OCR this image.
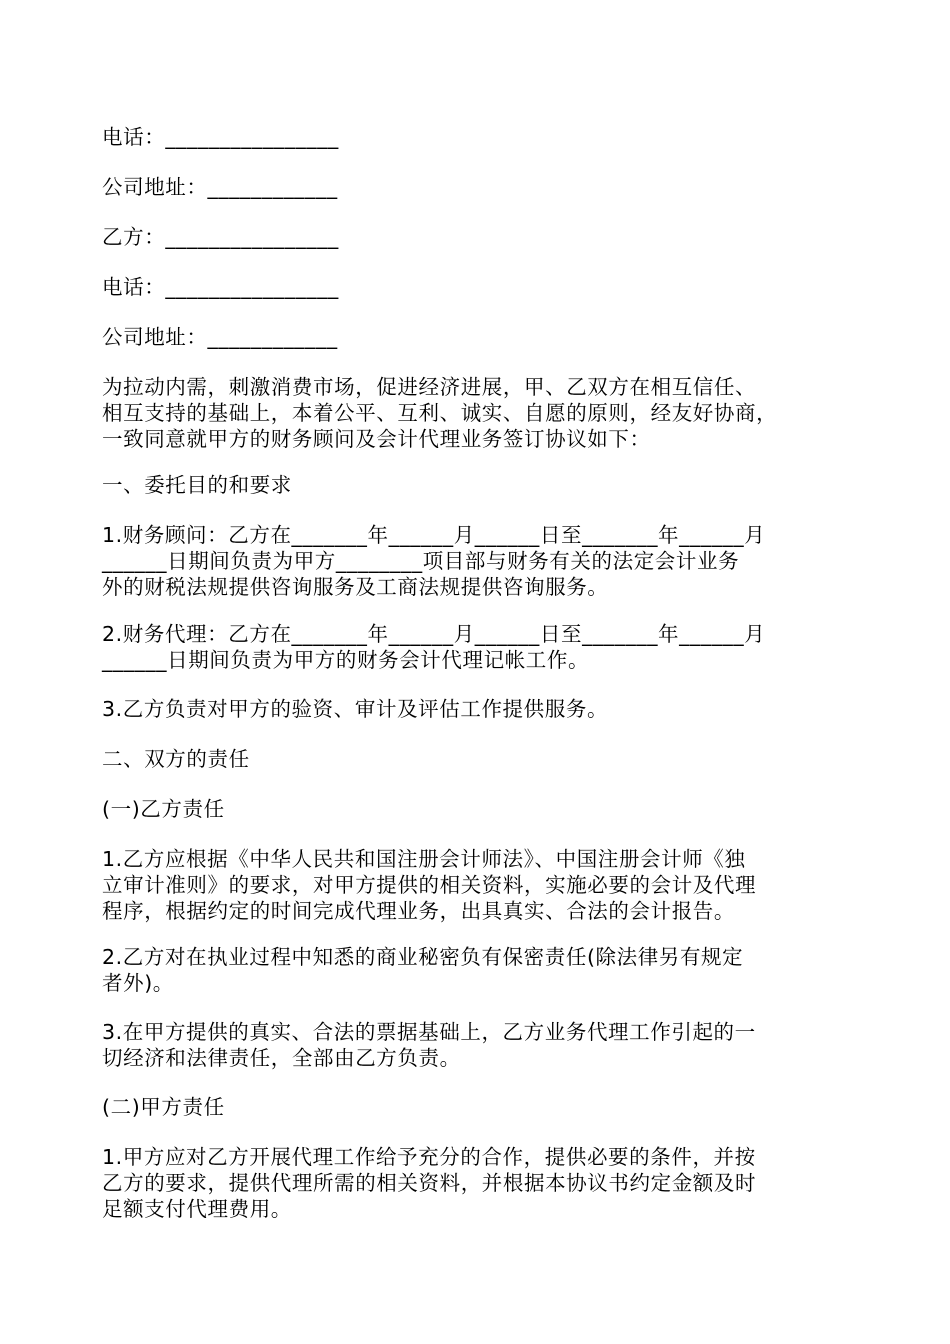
电话：________________

公司地址：____________

乙方：________________

电话：________________

公司地址：____________

为拉动内需，刺激消费市场，促进经济进展，甲、乙双方在相互信任、
相互支持的基础上，本着公平、互利、诚实、自愿的原则，经友好协商，
一致同意就甲方的财务顾问及会计代理业务签订协议如下：

一、委托目的和要求

1.财务顾问：乙方在_______年______月______日至_______年______月
______日期间负责为甲方________项目部与财务有关的法定会计业务
外的财税法规提供咨询服务及工商法规提供咨询服务。

2.财务代理：乙方在_______年______月______日至_______年______月
______日期间负责为甲方的财务会计代理记帐工作。

3.乙方负责对甲方的验资、审计及评估工作提供服务。

二、双方的责任

(一)乙方责任

1.乙方应根据《中华人民共和国注册会计师法》、中国注册会计师《独
立审计准则》的要求，对甲方提供的相关资料，实施必要的会计及代理
程序，根据约定的时间完成代理业务，出具真实、合法的会计报告。

2.乙方对在执业过程中知悉的商业秘密负有保密责任(除法律另有规定
者外)。

3.在甲方提供的真实、合法的票据基础上，乙方业务代理工作引起的一
切经济和法律责任，全部由乙方负责。

(二)甲方责任

1.甲方应对乙方开展代理工作给予充分的合作，提供必要的条件，并按
乙方的要求，提供代理所需的相关资料，并根据本协议书约定金额及时
足额支付代理费用。
